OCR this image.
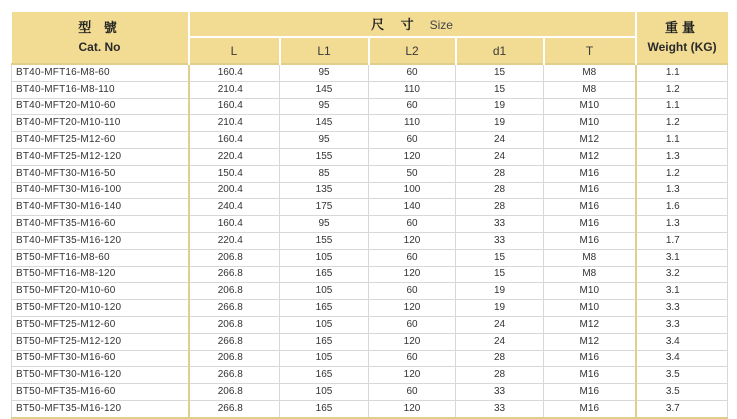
型 號
Cat. No	尺 寸 Size					重量
Weight (KG)

	L	L1	L2	d1	T	
BT40-MFT16-M8-60	160.4	95	60	15	M8	1.1
BT40-MFT16-M8-110	210.4	145	110	15	M8	1.2
BT40-MFT20-M10-60	160.4	95	60	19	M10	1.1
BT40-MFT20-M10-110	210.4	145	110	19	M10	1.2
BT40-MFT25-M12-60	160.4	95	60	24	M12	1.1
BT40-MFT25-M12-120	220.4	155	120	24	M12	1.3
BT40-MFT30-M16-50	150.4	85	50	28	M16	1.2
BT40-MFT30-M16-100	200.4	135	100	28	M16	1.3
BT40-MFT30-M16-140	240.4	175	140	28	M16	1.6
BT40-MFT35-M16-60	160.4	95	60	33	M16	1.3
BT40-MFT35-M16-120	220.4	155	120	33	M16	1.7
BT50-MFT16-M8-60	206.8	105	60	15	M8	3.1
BT50-MFT16-M8-120	266.8	165	120	15	M8	3.2
BT50-MFT20-M10-60	206.8	105	60	19	M10	3.1
BT50-MFT20-M10-120	266.8	165	120	19	M10	3.3
BT50-MFT25-M12-60	206.8	105	60	24	M12	3.3
BT50-MFT25-M12-120	266.8	165	120	24	M12	3.4
BT50-MFT30-M16-60	206.8	105	60	28	M16	3.4
BT50-MFT30-M16-120	266.8	165	120	28	M16	3.5
BT50-MFT35-M16-60	206.8	105	60	33	M16	3.5
BT50-MFT35-M16-120	266.8	165	120	33	M16	3.7
